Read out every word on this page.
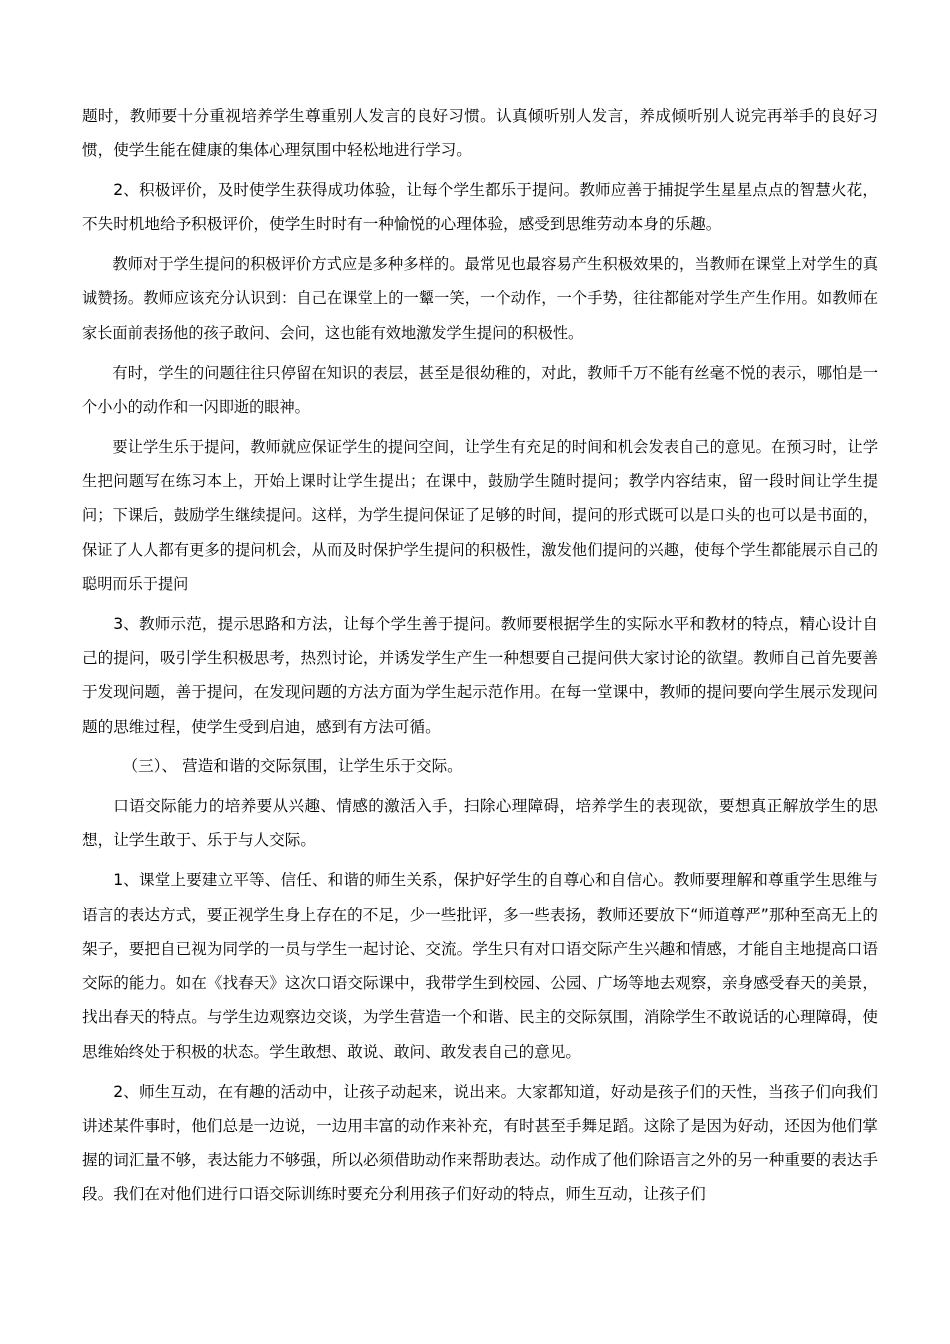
题时，教师要十分重视培养学生尊重别人发言的良好习惯。认真倾听别人发言，养成倾听别人说完再举手的良好习惯，使学生能在健康的集体心理氛围中轻松地进行学习。

2、积极评价，及时使学生获得成功体验，让每个学生都乐于提问。教师应善于捕捉学生星星点点的智慧火花，不失时机地给予积极评价，使学生时时有一种愉悦的心理体验，感受到思维劳动本身的乐趣。

教师对于学生提问的积极评价方式应是多种多样的。最常见也最容易产生积极效果的，当教师在课堂上对学生的真诚赞扬。教师应该充分认识到：自己在课堂上的一颦一笑，一个动作，一个手势，往往都能对学生产生作用。如教师在家长面前表扬他的孩子敢问、会问，这也能有效地激发学生提问的积极性。

有时，学生的问题往往只停留在知识的表层，甚至是很幼稚的，对此，教师千万不能有丝毫不悦的表示，哪怕是一个小小的动作和一闪即逝的眼神。

要让学生乐于提问，教师就应保证学生的提问空间，让学生有充足的时间和机会发表自己的意见。在预习时，让学生把问题写在练习本上，开始上课时让学生提出；在课中，鼓励学生随时提问；教学内容结束，留一段时间让学生提问；下课后，鼓励学生继续提问。这样，为学生提问保证了足够的时间，提问的形式既可以是口头的也可以是书面的，保证了人人都有更多的提问机会，从而及时保护学生提问的积极性，激发他们提问的兴趣，使每个学生都能展示自己的聪明而乐于提问

3、教师示范，提示思路和方法，让每个学生善于提问。教师要根据学生的实际水平和教材的特点，精心设计自己的提问，吸引学生积极思考，热烈讨论，并诱发学生产生一种想要自己提问供大家讨论的欲望。教师自己首先要善于发现问题，善于提问，在发现问题的方法方面为学生起示范作用。在每一堂课中，教师的提问要向学生展示发现问题的思维过程，使学生受到启迪，感到有方法可循。

（三）、 营造和谐的交际氛围，让学生乐于交际。

口语交际能力的培养要从兴趣、情感的激活入手，扫除心理障碍，培养学生的表现欲，要想真正解放学生的思想，让学生敢于、乐于与人交际。

1、课堂上要建立平等、信任、和谐的师生关系，保护好学生的自尊心和自信心。教师要理解和尊重学生思维与语言的表达方式，要正视学生身上存在的不足，少一些批评，多一些表扬，教师还要放下“师道尊严”那种至高无上的架子，要把自已视为同学的一员与学生一起讨论、交流。学生只有对口语交际产生兴趣和情感，才能自主地提高口语交际的能力。如在《找春天》这次口语交际课中，我带学生到校园、公园、广场等地去观察，亲身感受春天的美景，找出春天的特点。与学生边观察边交谈，为学生营造一个和谐、民主的交际氛围，消除学生不敢说话的心理障碍，使思维始终处于积极的状态。学生敢想、敢说、敢问、敢发表自己的意见。

2、师生互动，在有趣的活动中，让孩子动起来，说出来。大家都知道，好动是孩子们的天性，当孩子们向我们讲述某件事时，他们总是一边说，一边用丰富的动作来补充，有时甚至手舞足蹈。这除了是因为好动，还因为他们掌握的词汇量不够，表达能力不够强，所以必须借助动作来帮助表达。动作成了他们除语言之外的另一种重要的表达手段。我们在对他们进行口语交际训练时要充分利用孩子们好动的特点，师生互动，让孩子们
